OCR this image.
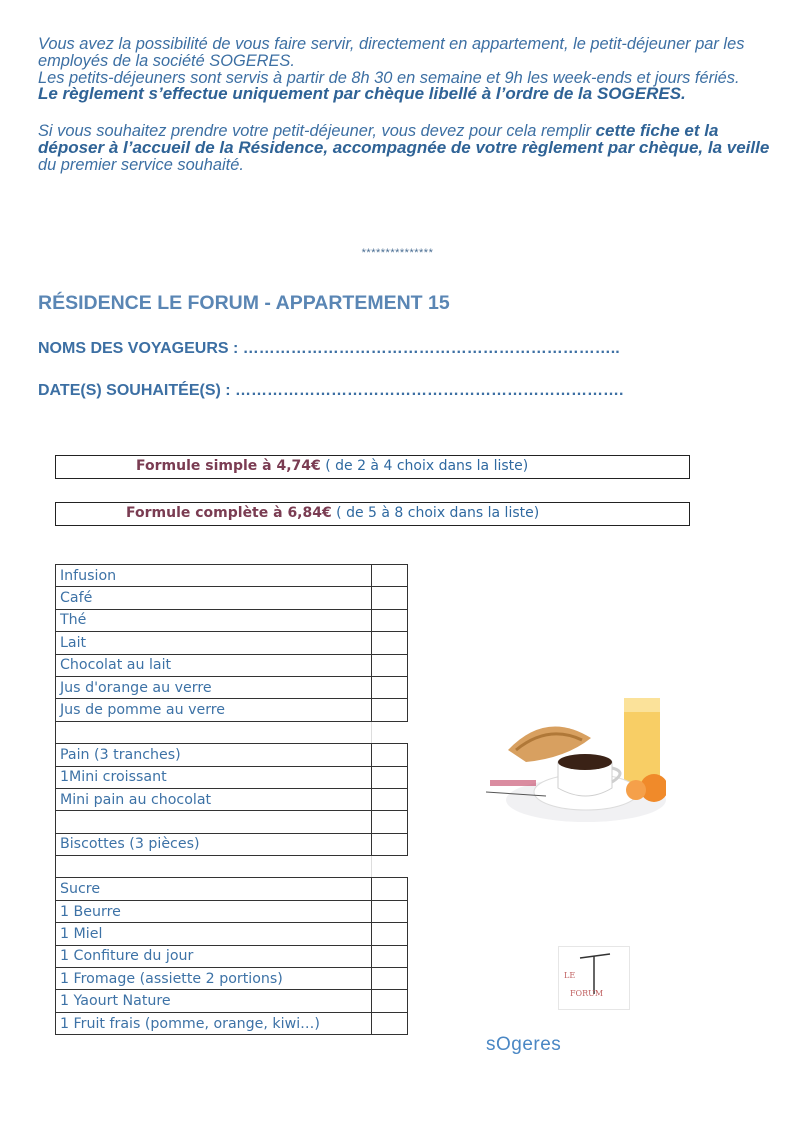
Vous avez la possibilité de vous faire servir, directement en appartement, le petit-déjeuner par les employés de la société SOGERES.

Les petits-déjeuners sont servis à partir de 8h 30 en semaine et 9h les week-ends et jours fériés.

Le règlement s’effectue uniquement par chèque libellé à l’ordre de la SOGERES.

Si vous souhaitez prendre votre petit-déjeuner, vous devez pour cela remplir cette fiche et la déposer à l’accueil de la Résidence, accompagnée de votre règlement par chèque, la veille du premier service souhaité.

***************
RÉSIDENCE LE FORUM - APPARTEMENT 15
NOMS DES VOYAGEURS : ……………………………………………………………..
DATE(S) SOUHAITÉE(S) : ……………………………………………………………….
Formule simple à 4,74€ ( de 2 à 4 choix dans la liste)
Formule complète à 6,84€ ( de 5 à 8 choix dans la liste)
Infusion	
Café	
Thé	
Lait	
Chocolat au lait	
Jus d'orange au verre	
Jus de pomme au verre	

Pain (3 tranches)	
1Mini croissant	
Mini pain au chocolat	

Biscottes (3 pièces)	

Sucre	
1 Beurre	
1 Miel	
1 Confiture du jour	
1 Fromage (assiette 2 portions)	
1 Yaourt Nature	
1 Fruit frais (pomme, orange, kiwi…)	
LE
FORUM
sOgeres
